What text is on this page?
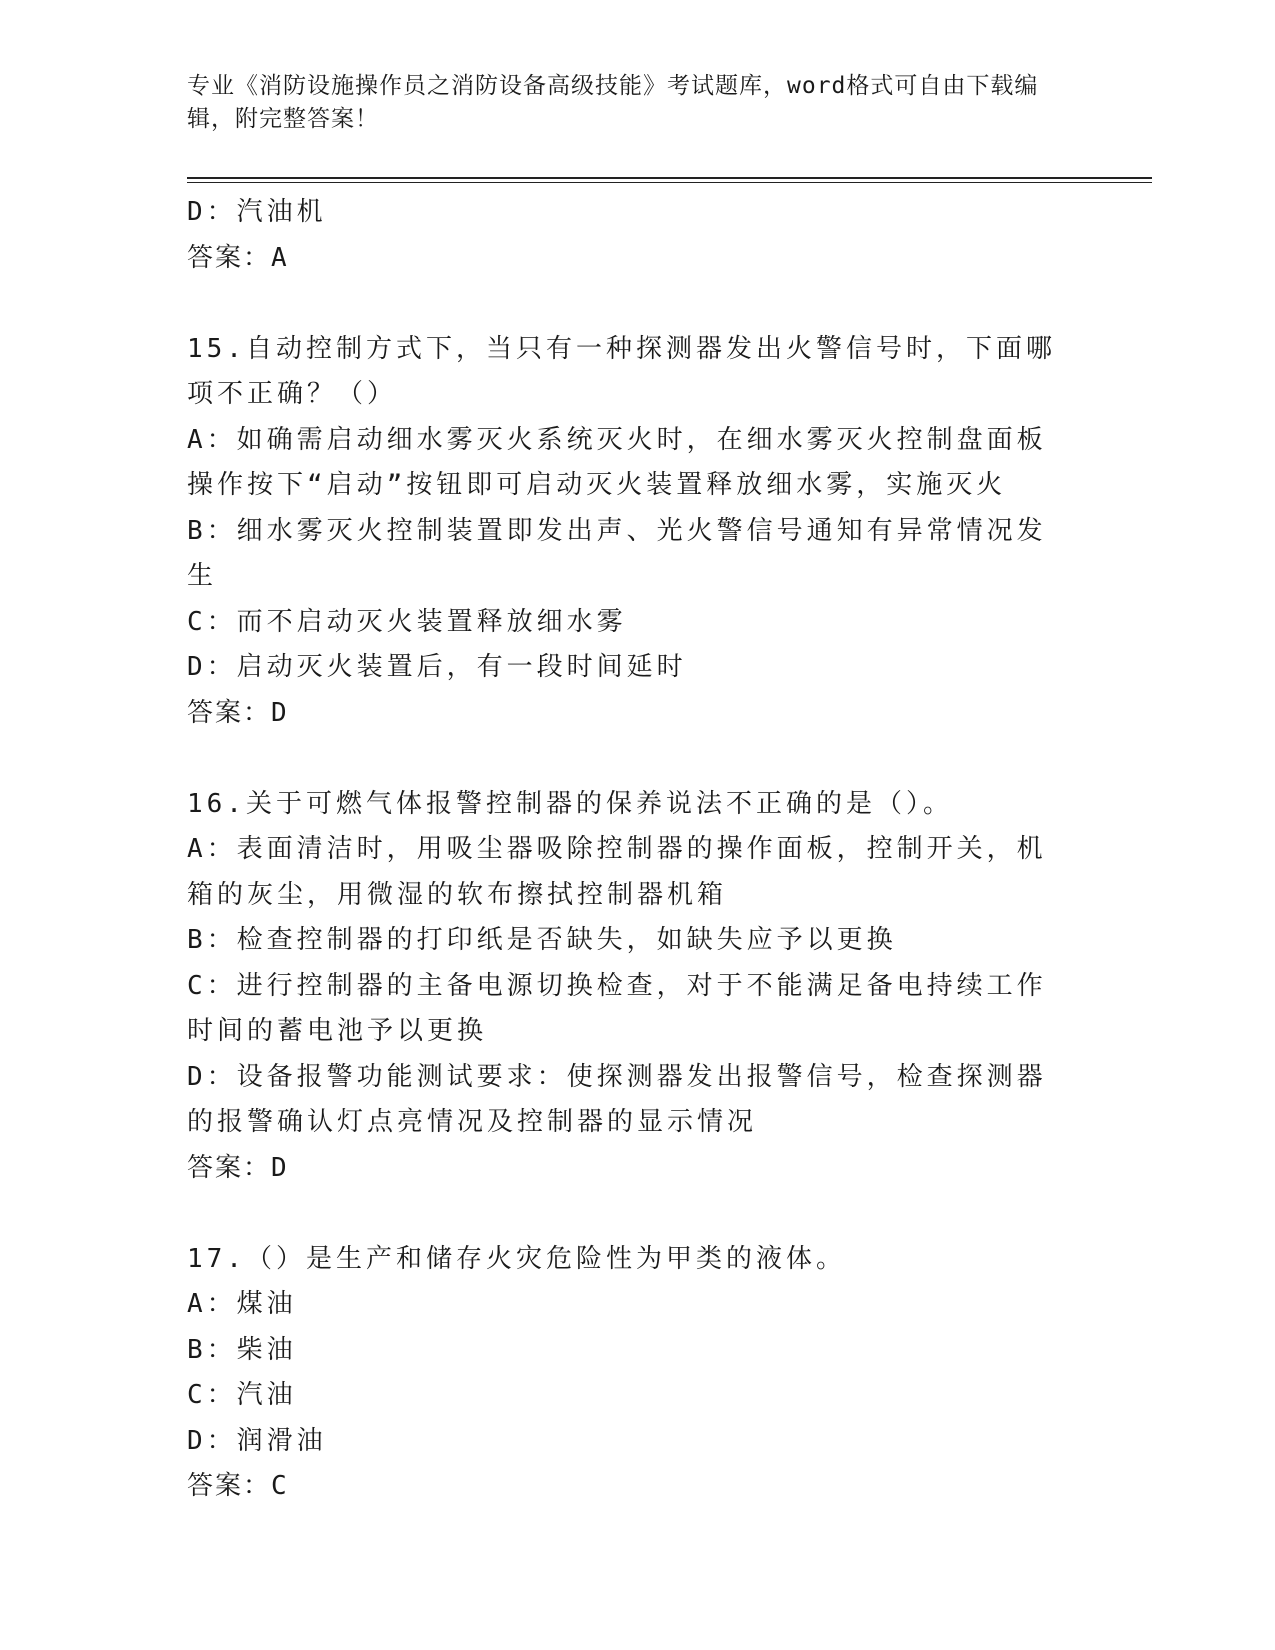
专业《消防设施操作员之消防设备高级技能》考试题库，word格式可自由下载编辑，附完整答案！
D：汽油机
答案：A
15.自动控制方式下，当只有一种探测器发出火警信号时，下面哪项不正确？（）
A：如确需启动细水雾灭火系统灭火时，在细水雾灭火控制盘面板操作按下“启动”按钮即可启动灭火装置释放细水雾，实施灭火
B：细水雾灭火控制装置即发出声、光火警信号通知有异常情况发生
C：而不启动灭火装置释放细水雾
D：启动灭火装置后，有一段时间延时
答案：D
16.关于可燃气体报警控制器的保养说法不正确的是（）。
A：表面清洁时，用吸尘器吸除控制器的操作面板，控制开关，机箱的灰尘，用微湿的软布擦拭控制器机箱
B：检查控制器的打印纸是否缺失，如缺失应予以更换
C：进行控制器的主备电源切换检查，对于不能满足备电持续工作时间的蓄电池予以更换
D：设备报警功能测试要求：使探测器发出报警信号，检查探测器的报警确认灯点亮情况及控制器的显示情况
答案：D
17.（）是生产和储存火灾危险性为甲类的液体。
A：煤油
B：柴油
C：汽油
D：润滑油
答案：C
